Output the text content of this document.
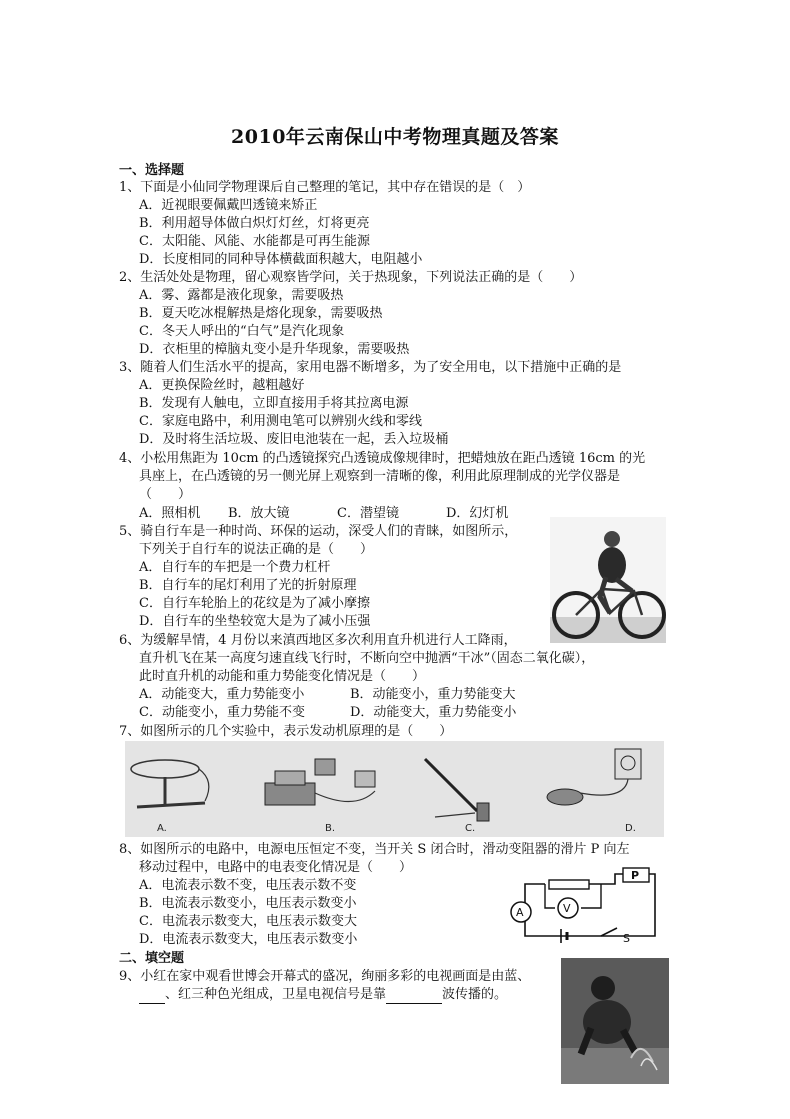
2010年云南保山中考物理真题及答案
一、选择题
1、下面是小仙同学物理课后自己整理的笔记，其中存在错误的是（　）
A．近视眼要佩戴凹透镜来矫正
B．利用超导体做白炽灯灯丝，灯将更亮
C．太阳能、风能、水能都是可再生能源
D．长度相同的同种导体横截面积越大，电阻越小
2、生活处处是物理，留心观察皆学问，关于热现象，下列说法正确的是（　　）
A．雾、露都是液化现象，需要吸热
B．夏天吃冰棍解热是熔化现象，需要吸热
C．冬天人呼出的“白气”是汽化现象
D．衣柜里的樟脑丸变小是升华现象，需要吸热
3、随着人们生活水平的提高，家用电器不断增多，为了安全用电，以下措施中正确的是
A．更换保险丝时，越粗越好
B．发现有人触电，立即直接用手将其拉离电源
C．家庭电路中，利用测电笔可以辨别火线和零线
D．及时将生活垃圾、废旧电池装在一起，丢入垃圾桶
4、小松用焦距为 10cm 的凸透镜探究凸透镜成像规律时，把蜡烛放在距凸透镜 16cm 的光
具座上，在凸透镜的另一侧光屏上观察到一清晰的像，利用此原理制成的光学仪器是
（　　）
A．照相机 B．放大镜	C．潜望镜	D．幻灯机
5、骑自行车是一种时尚、环保的运动，深受人们的青睐，如图所示，
下列关于自行车的说法正确的是（　　）
A．自行车的车把是一个费力杠杆
B．自行车的尾灯利用了光的折射原理
C．自行车轮胎上的花纹是为了减小摩擦
D．自行车的坐垫较宽大是为了减小压强
6、为缓解旱情，4 月份以来滇西地区多次利用直升机进行人工降雨，
直升机飞在某一高度匀速直线飞行时，不断向空中抛洒“干冰”（固态二氧化碳），
此时直升机的动能和重力势能变化情况是（　　）
A．动能变大，重力势能变小	B．动能变小，重力势能变大
C．动能变小，重力势能不变	D．动能变大，重力势能变小
7、如图所示的几个实验中，表示发动机原理的是（　　）
A.	B.	C.	D.
8、如图所示的电路中，电源电压恒定不变，当开关 S 闭合时，滑动变阻器的滑片 P 向左
移动过程中，电路中的电表变化情况是（　　）
A．电流表示数不变，电压表示数不变
B．电流表示数变小，电压表示数变小
C．电流表示数变大，电压表示数变大
D．电流表示数变大，电压表示数变小
V
A
P
S
二、填空题
9、小红在家中观看世博会开幕式的盛况，绚丽多彩的电视画面是由蓝、
、红三种色光组成，卫星电视信号是靠	波传播的。
